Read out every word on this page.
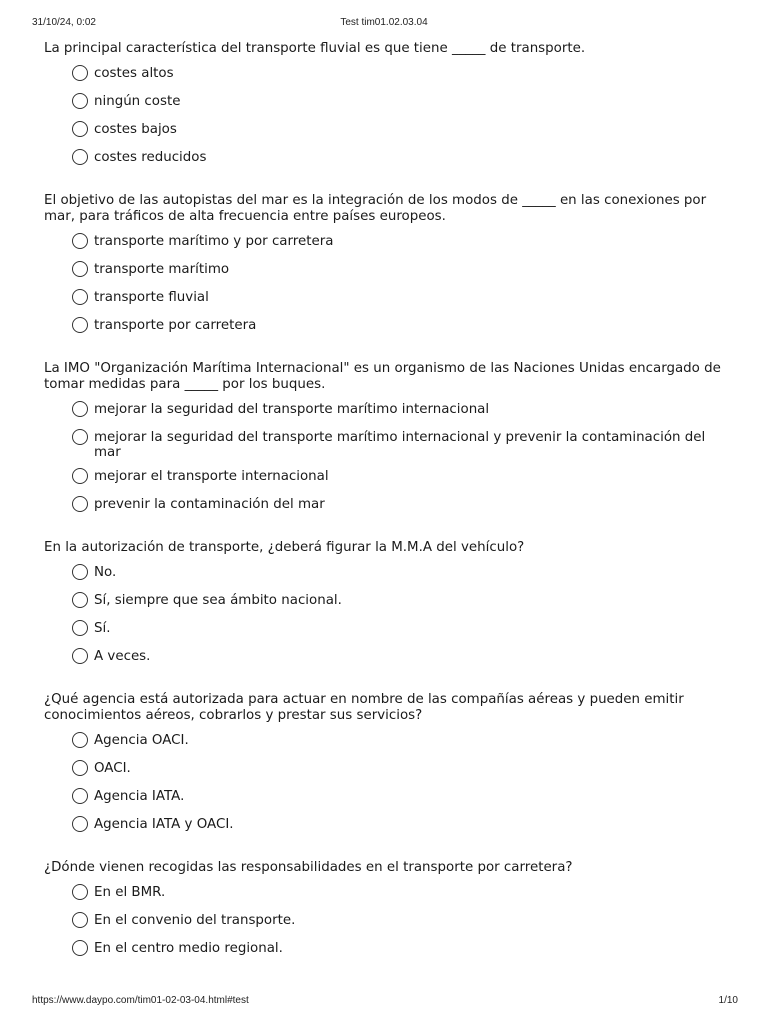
31/10/24, 0:02	Test tim01.02.03.04

La principal característica del transporte fluvial es que tiene _____ de transporte.

costes altos
ningún coste
costes bajos
costes reducidos

El objetivo de las autopistas del mar es la integración de los modos de _____ en las conexiones por mar, para tráficos de alta frecuencia entre países europeos.

transporte marítimo y por carretera
transporte marítimo
transporte fluvial
transporte por carretera

La IMO "Organización Marítima Internacional" es un organismo de las Naciones Unidas encargado de tomar medidas para _____ por los buques.

mejorar la seguridad del transporte marítimo internacional
mejorar la seguridad del transporte marítimo internacional y prevenir la contaminación del mar
mejorar el transporte internacional
prevenir la contaminación del mar

En la autorización de transporte, ¿deberá figurar la M.M.A del vehículo?

No.
Sí, siempre que sea ámbito nacional.
Sí.
A veces.

¿Qué agencia está autorizada para actuar en nombre de las compañías aéreas y pueden emitir conocimientos aéreos, cobrarlos y prestar sus servicios?

Agencia OACI.
OACI.
Agencia IATA.
Agencia IATA y OACI.

¿Dónde vienen recogidas las responsabilidades en el transporte por carretera?

En el BMR.
En el convenio del transporte.
En el centro medio regional.
https://www.daypo.com/tim01-02-03-04.html#test	1/10
